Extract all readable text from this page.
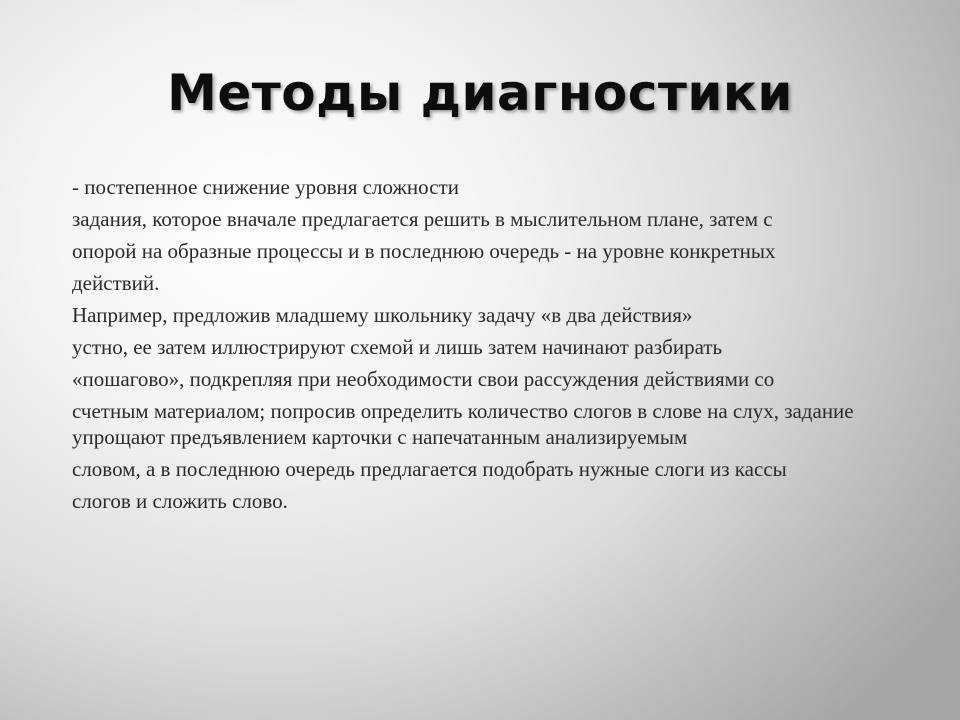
Методы диагностики

- постепенное снижение уровня сложности

задания, которое вначале предлагается решить в мыслительном плане, затем с

опорой на образные процессы и в последнюю очередь - на уровне конкретных

действий.

Например, предложив младшему школьнику задачу «в два действия»

устно, ее затем иллюстрируют схемой и лишь затем начинают разбирать

«пошагово», подкрепляя при необходимости свои рассуждения действиями со

счетным материалом; попросив определить количество слогов в слове на слух, задание упрощают предъявлением карточки с напечатанным анализируемым

словом, а в последнюю очередь предлагается подобрать нужные слоги из кассы

слогов и сложить слово.
